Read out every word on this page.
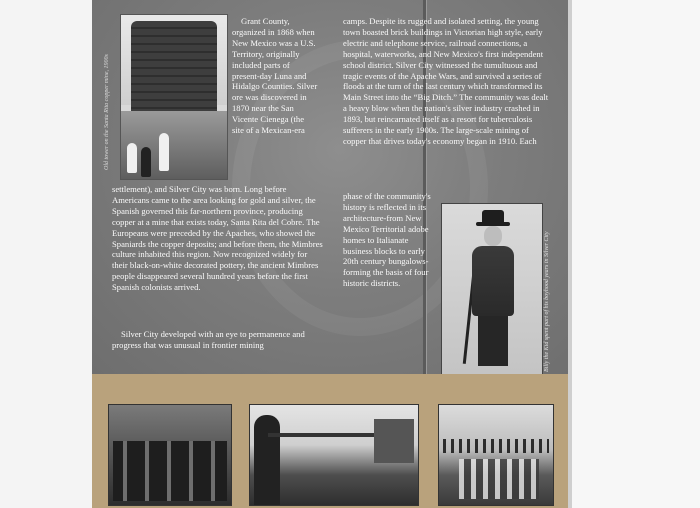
Old tower on the Santa Rita copper mine, 1900s
Grant County, organized in 1868 when New Mexico was a U.S. Territory, originally included parts of present-day Luna and Hidalgo Counties. Silver ore was discovered in 1870 near the San Vicente Cienega (the site of a Mexican-era
settlement), and Silver City was born. Long before Americans came to the area looking for gold and silver, the Spanish governed this far-northern province, producing copper at a mine that exists today, Santa Rita del Cobre. The Europeans were preceded by the Apaches, who showed the Spaniards the copper deposits; and before them, the Mimbres culture inhabited this region. Now recognized widely for their black-on-white decorated pottery, the ancient Mimbres people disappeared several hundred years before the first Spanish colonists arrived.
Silver City developed with an eye to permanence and progress that was unusual in frontier mining
camps. Despite its rugged and isolated setting, the young town boasted brick buildings in Victorian high style, early electric and telephone service, railroad connections, a hospital, waterworks, and New Mexico's first independent school district. Silver City witnessed the tumultuous and tragic events of the Apache Wars, and survived a series of floods at the turn of the last century which transformed its Main Street into the “Big Ditch.” The community was dealt a heavy blow when the nation's silver industry crashed in 1893, but reincarnated itself as a resort for tuberculosis sufferers in the early 1900s. The large-scale mining of copper that drives today's economy began in 1910. Each
phase of the community's history is reflected in its architecture-from New Mexico Territorial adobe homes to Italianate business blocks to early 20th century bungalows-forming the basis of four historic districts.	Billy the Kid spent part of his boyhood years in Silver City
